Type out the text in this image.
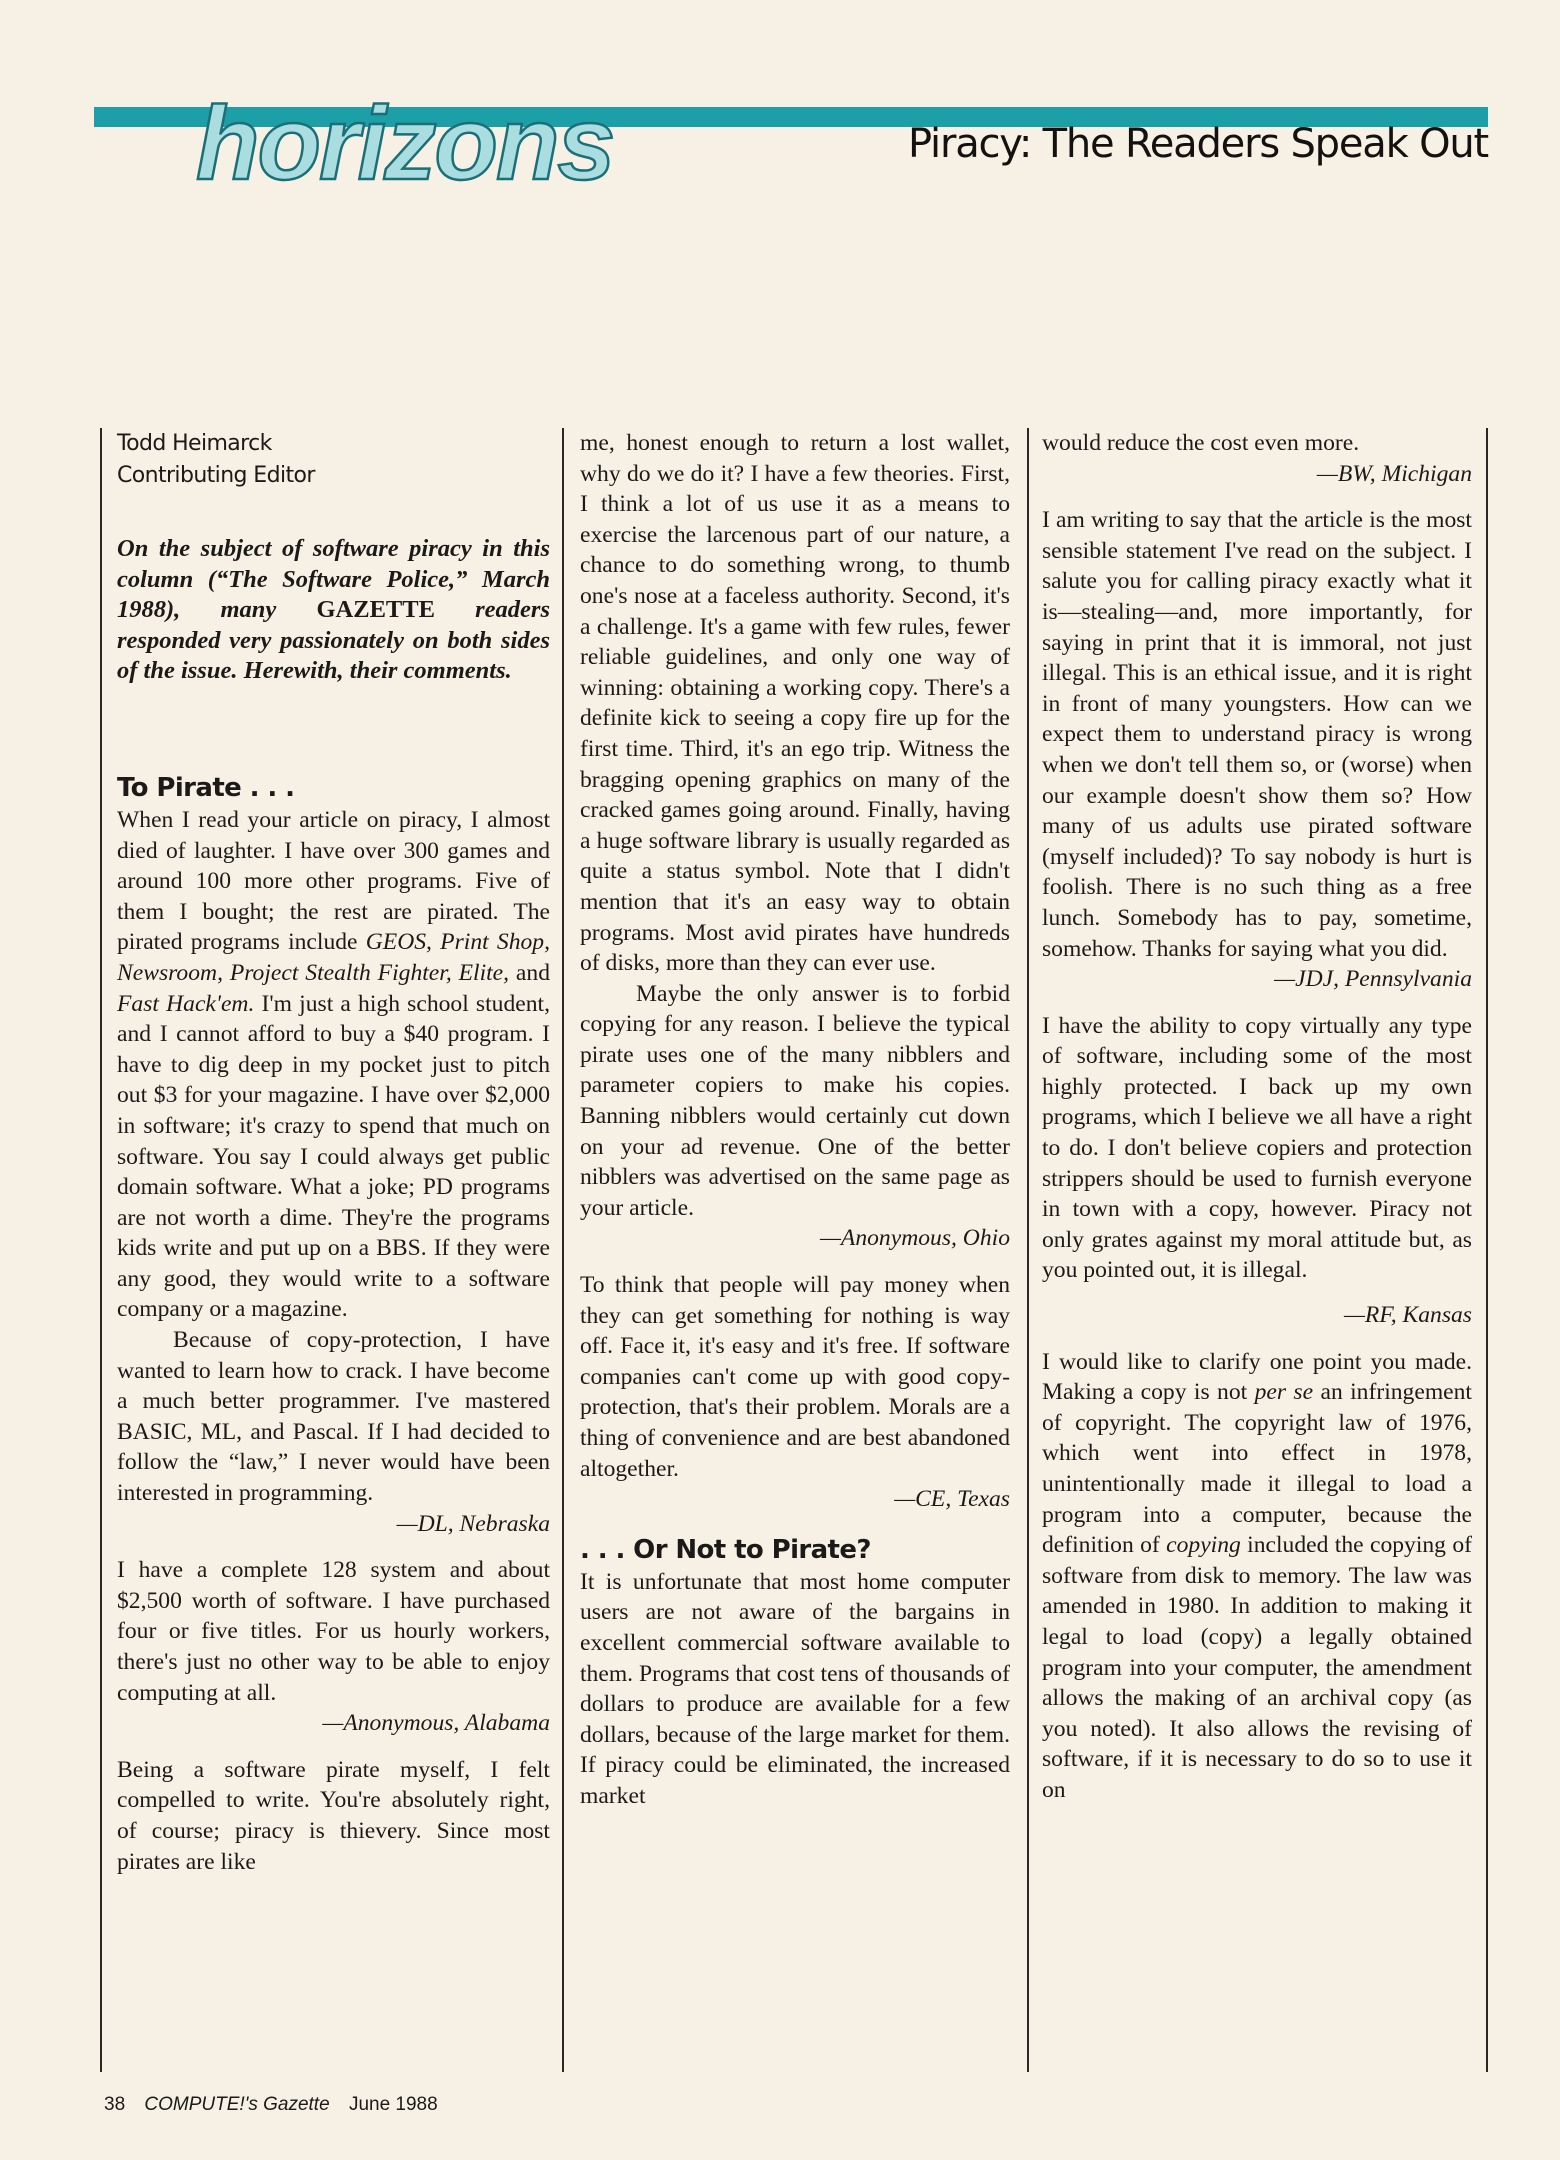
horizons	Piracy: The Readers Speak Out
Todd Heimarck
Contributing Editor
On the subject of software piracy in this column (“The Software Police,” March 1988), many GAZETTE readers responded very passionately on both sides of the issue. Herewith, their comments.
To Pirate . . .
When I read your article on piracy, I almost died of laughter. I have over 300 games and around 100 more other programs. Five of them I bought; the rest are pirated. The pirated programs include GEOS, Print Shop, Newsroom, Project Stealth Fighter, Elite, and Fast Hack'em. I'm just a high school student, and I cannot afford to buy a $40 program. I have to dig deep in my pocket just to pitch out $3 for your magazine. I have over $2,000 in software; it's crazy to spend that much on software. You say I could always get public domain software. What a joke; PD programs are not worth a dime. They're the programs kids write and put up on a BBS. If they were any good, they would write to a software company or a magazine.
Because of copy-protection, I have wanted to learn how to crack. I have become a much better programmer. I've mastered BASIC, ML, and Pascal. If I had decided to follow the “law,” I never would have been interested in programming.
—DL, Nebraska
I have a complete 128 system and about $2,500 worth of software. I have purchased four or five titles. For us hourly workers, there's just no other way to be able to enjoy computing at all.
—Anonymous, Alabama
Being a software pirate myself, I felt compelled to write. You're absolutely right, of course; piracy is thievery. Since most pirates are like
me, honest enough to return a lost wallet, why do we do it? I have a few theories. First, I think a lot of us use it as a means to exercise the larcenous part of our nature, a chance to do something wrong, to thumb one's nose at a faceless authority. Second, it's a challenge. It's a game with few rules, fewer reliable guidelines, and only one way of winning: obtaining a working copy. There's a definite kick to seeing a copy fire up for the first time. Third, it's an ego trip. Witness the bragging opening graphics on many of the cracked games going around. Finally, having a huge software library is usually regarded as quite a status symbol. Note that I didn't mention that it's an easy way to obtain programs. Most avid pirates have hundreds of disks, more than they can ever use.
Maybe the only answer is to forbid copying for any reason. I believe the typical pirate uses one of the many nibblers and parameter copiers to make his copies. Banning nibblers would certainly cut down on your ad revenue. One of the better nibblers was advertised on the same page as your article.
—Anonymous, Ohio
To think that people will pay money when they can get something for nothing is way off. Face it, it's easy and it's free. If software companies can't come up with good copy-protection, that's their problem. Morals are a thing of convenience and are best abandoned altogether.
—CE, Texas
. . . Or Not to Pirate?
It is unfortunate that most home computer users are not aware of the bargains in excellent commercial software available to them. Programs that cost tens of thousands of dollars to produce are available for a few dollars, because of the large market for them. If piracy could be eliminated, the increased market
would reduce the cost even more.
—BW, Michigan
I am writing to say that the article is the most sensible statement I've read on the subject. I salute you for calling piracy exactly what it is—stealing—and, more importantly, for saying in print that it is immoral, not just illegal. This is an ethical issue, and it is right in front of many youngsters. How can we expect them to understand piracy is wrong when we don't tell them so, or (worse) when our example doesn't show them so? How many of us adults use pirated software (myself included)? To say nobody is hurt is foolish. There is no such thing as a free lunch. Somebody has to pay, sometime, somehow. Thanks for saying what you did.
—JDJ, Pennsylvania
I have the ability to copy virtually any type of software, including some of the most highly protected. I back up my own programs, which I believe we all have a right to do. I don't believe copiers and protection strippers should be used to furnish everyone in town with a copy, however. Piracy not only grates against my moral attitude but, as you pointed out, it is illegal.
—RF, Kansas
I would like to clarify one point you made. Making a copy is not per se an infringement of copyright. The copyright law of 1976, which went into effect in 1978, unintentionally made it illegal to load a program into a computer, because the definition of copying included the copying of software from disk to memory. The law was amended in 1980. In addition to making it legal to load (copy) a legally obtained program into your computer, the amendment allows the making of an archival copy (as you noted). It also allows the revising of software, if it is necessary to do so to use it on
38 COMPUTE!'s Gazette June 1988
